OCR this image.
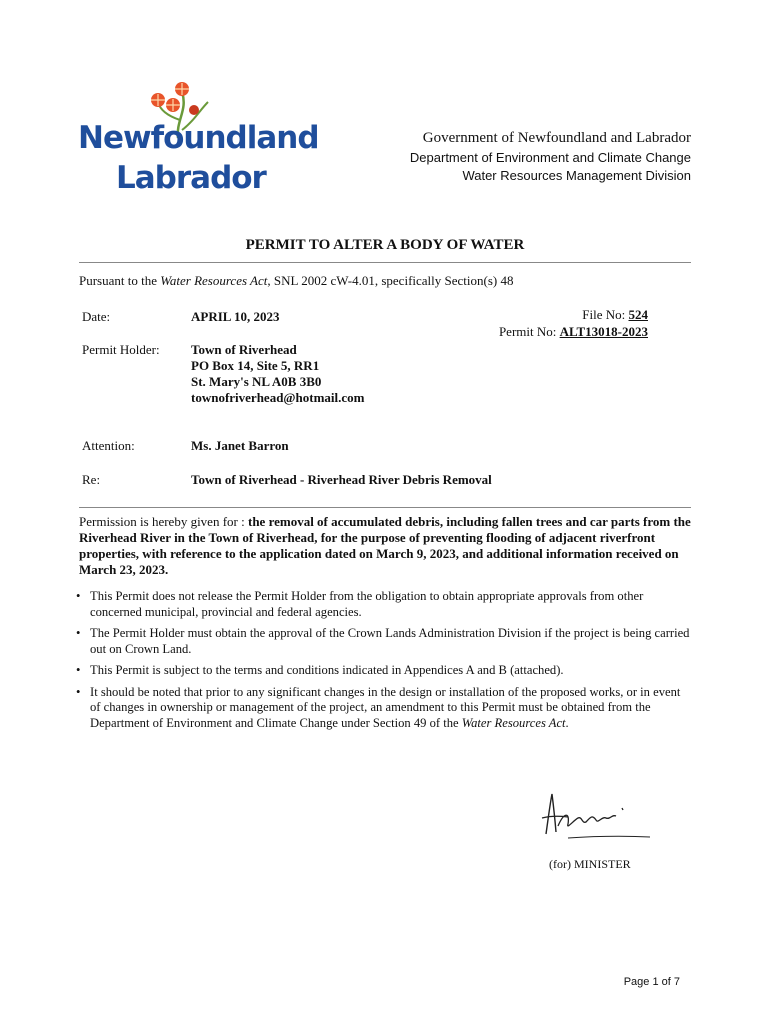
Newfoundland
Labrador
Government of Newfoundland and Labrador
Department of Environment and Climate Change
Water Resources Management Division
PERMIT TO ALTER A BODY OF WATER
Pursuant to the Water Resources Act, SNL 2002 cW-4.01, specifically Section(s) 48
Date:	APRIL 10, 2023	File No: 524
Permit No: ALT13018-2023
Permit Holder: Town of Riverhead
PO Box 14, Site 5, RR1
St. Mary's NL A0B 3B0
townofriverhead@hotmail.com
Attention:	Ms. Janet Barron
Re:	Town of Riverhead - Riverhead River Debris Removal
Permission is hereby given for : the removal of accumulated debris, including fallen trees and car parts from the Riverhead River in the Town of Riverhead, for the purpose of preventing flooding of adjacent riverfront properties, with reference to the application dated on March 9, 2023, and additional information received on March 23, 2023.
• This Permit does not release the Permit Holder from the obligation to obtain appropriate approvals from other concerned municipal, provincial and federal agencies.
• The Permit Holder must obtain the approval of the Crown Lands Administration Division if the project is being carried out on Crown Land.
• This Permit is subject to the terms and conditions indicated in Appendices A and B (attached).
• It should be noted that prior to any significant changes in the design or installation of the proposed works, or in event of changes in ownership or management of the project, an amendment to this Permit must be obtained from the Department of Environment and Climate Change under Section 49 of the Water Resources Act.
(for) MINISTER
Page 1 of 7
